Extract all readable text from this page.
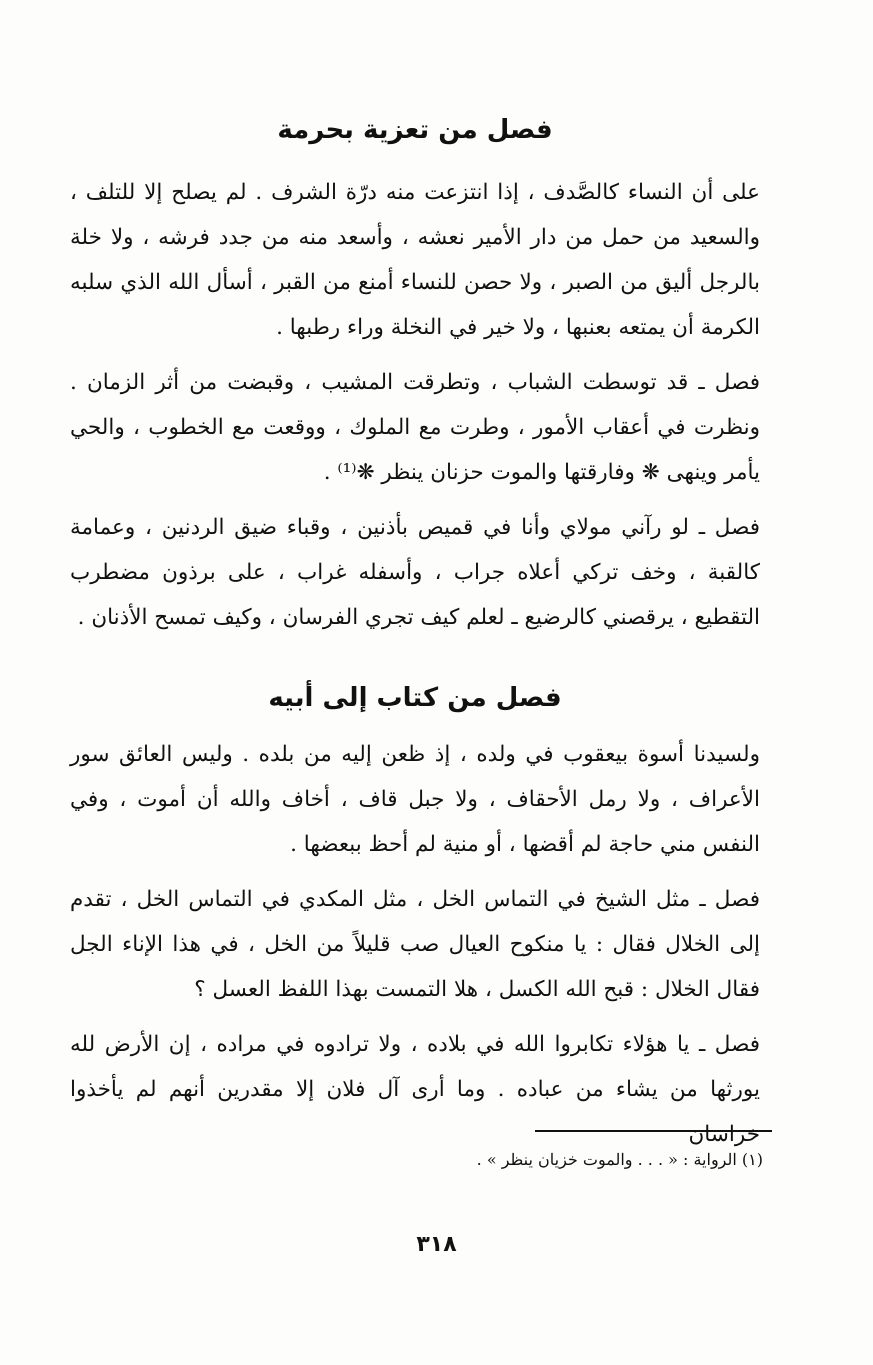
فصل من تعزية بحرمة

على أن النساء كالصَّدف ، إذا انتزعت منه درّة الشرف . لم يصلح إلا للتلف ، والسعيد من حمل من دار الأمير نعشه ، وأسعد منه من جدد فرشه ، ولا خلة بالرجل أليق من الصبر ، ولا حصن للنساء أمنع من القبر ، أسأل الله الذي سلبه الكرمة أن يمتعه بعنبها ، ولا خير في النخلة وراء رطبها .

فصل ـ قد توسطت الشباب ، وتطرقت المشيب ، وقبضت من أثر الزمان . ونظرت في أعقاب الأمور ، وطرت مع الملوك ، ووقعت مع الخطوب ، والحي يأمر وينهى ❋ وفارقتها والموت حزنان ينظر ❋⁽¹⁾ .

فصل ـ لو رآني مولاي وأنا في قميص بأذنين ، وقباء ضيق الردنين ، وعمامة كالقبة ، وخف تركي أعلاه جراب ، وأسفله غراب ، على برذون مضطرب التقطيع ، يرقصني كالرضيع ـ لعلم كيف تجري الفرسان ، وكيف تمسح الأذنان .

فصل من كتاب إلى أبيه

ولسيدنا أسوة بيعقوب في ولده ، إذ ظعن إليه من بلده . وليس العائق سور الأعراف ، ولا رمل الأحقاف ، ولا جبل قاف ، أخاف والله أن أموت ، وفي النفس مني حاجة لم أقضها ، أو منية لم أحظ ببعضها .

فصل ـ مثل الشيخ في التماس الخل ، مثل المكدي في التماس الخل ، تقدم إلى الخلال فقال : يا منكوح العيال صب قليلاً من الخل ، في هذا الإناء الجل فقال الخلال : قبح الله الكسل ، هلا التمست بهذا اللفظ العسل ؟

فصل ـ يا هؤلاء تكابروا الله في بلاده ، ولا ترادوه في مراده ، إن الأرض لله يورثها من يشاء من عباده . وما أرى آل فلان إلا مقدرين أنهم لم يأخذوا خراسان

(١) الرواية : « . . . والموت خزيان ينظر » .
٣١٨
